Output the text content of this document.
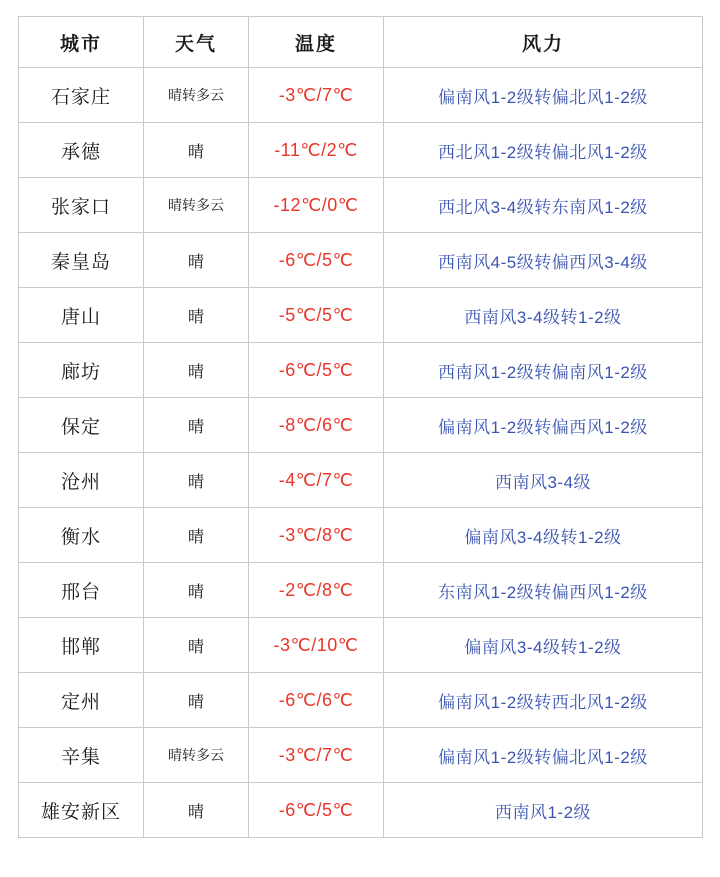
城市	天气	温度	风力
石家庄	晴转多云	-3℃/7℃	偏南风1-2级转偏北风1-2级
承德	晴	-11℃/2℃	西北风1-2级转偏北风1-2级
张家口	晴转多云	-12℃/0℃	西北风3-4级转东南风1-2级
秦皇岛	晴	-6℃/5℃	西南风4-5级转偏西风3-4级
唐山	晴	-5℃/5℃	西南风3-4级转1-2级
廊坊	晴	-6℃/5℃	西南风1-2级转偏南风1-2级
保定	晴	-8℃/6℃	偏南风1-2级转偏西风1-2级
沧州	晴	-4℃/7℃	西南风3-4级
衡水	晴	-3℃/8℃	偏南风3-4级转1-2级
邢台	晴	-2℃/8℃	东南风1-2级转偏西风1-2级
邯郸	晴	-3℃/10℃	偏南风3-4级转1-2级
定州	晴	-6℃/6℃	偏南风1-2级转西北风1-2级
辛集	晴转多云	-3℃/7℃	偏南风1-2级转偏北风1-2级
雄安新区	晴	-6℃/5℃	西南风1-2级
